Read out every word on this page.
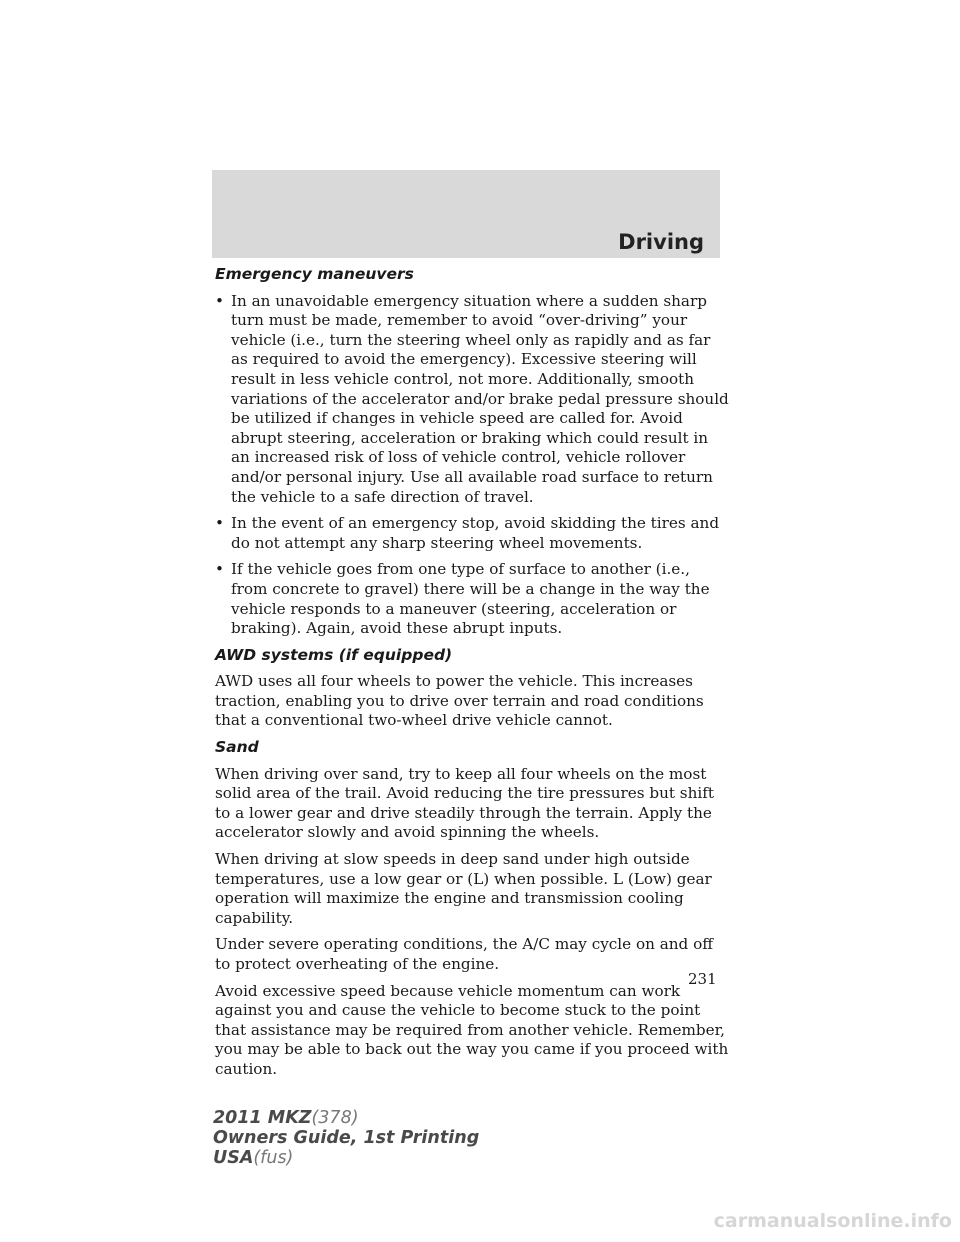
Driving
Emergency maneuvers
• In an unavoidable emergency situation where a sudden sharp turn must be made, remember to avoid “over-driving” your vehicle (i.e., turn the steering wheel only as rapidly and as far as required to avoid the emergency). Excessive steering will result in less vehicle control, not more. Additionally, smooth variations of the accelerator and/or brake pedal pressure should be utilized if changes in vehicle speed are called for. Avoid abrupt steering, acceleration or braking which could result in an increased risk of loss of vehicle control, vehicle rollover and/or personal injury. Use all available road surface to return the vehicle to a safe direction of travel.
• In the event of an emergency stop, avoid skidding the tires and do not attempt any sharp steering wheel movements.
• If the vehicle goes from one type of surface to another (i.e., from concrete to gravel) there will be a change in the way the vehicle responds to a maneuver (steering, acceleration or braking). Again, avoid these abrupt inputs.
AWD systems (if equipped)
AWD uses all four wheels to power the vehicle. This increases traction, enabling you to drive over terrain and road conditions that a conventional two-wheel drive vehicle cannot.
Sand
When driving over sand, try to keep all four wheels on the most solid area of the trail. Avoid reducing the tire pressures but shift to a lower gear and drive steadily through the terrain. Apply the accelerator slowly and avoid spinning the wheels.
When driving at slow speeds in deep sand under high outside temperatures, use a low gear or (L) when possible. L (Low) gear operation will maximize the engine and transmission cooling capability.
Under severe operating conditions, the A/C may cycle on and off to protect overheating of the engine.
Avoid excessive speed because vehicle momentum can work against you and cause the vehicle to become stuck to the point that assistance may be required from another vehicle. Remember, you may be able to back out the way you came if you proceed with caution.
231
2011 MKZ(378)
Owners Guide, 1st Printing
USA(fus)
carmanualsonline.info
